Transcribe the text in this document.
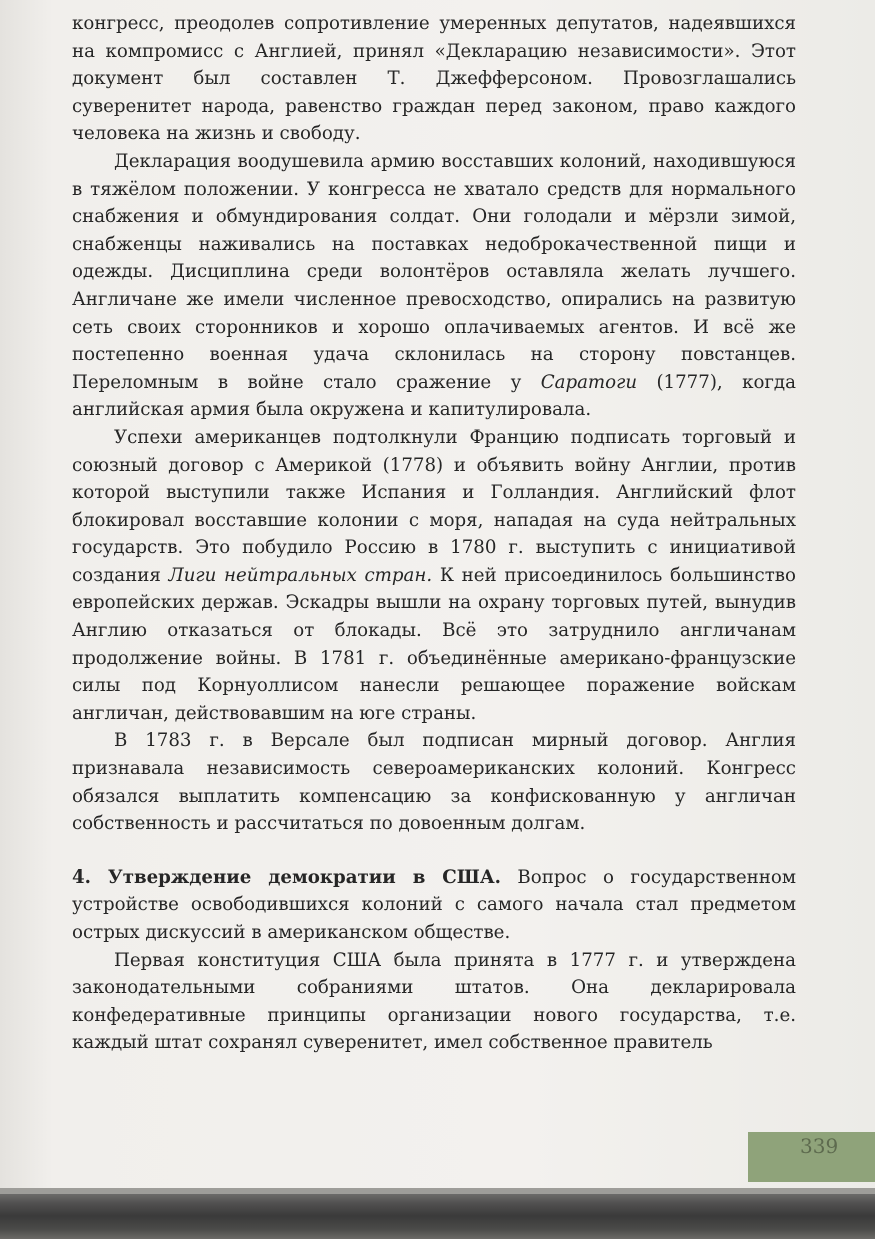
конгресс, преодолев сопротивление умеренных депутатов, надеявшихся на компромисс с Англией, принял «Декларацию независимости». Этот документ был составлен Т. Джефферсоном. Провозглашались суверенитет народа, равенство граждан перед законом, право каждого человека на жизнь и свободу.

Декларация воодушевила армию восставших колоний, находившуюся в тяжёлом положении. У конгресса не хватало средств для нормального снабжения и обмундирования солдат. Они голодали и мёрзли зимой, снабженцы наживались на поставках недоброкачественной пищи и одежды. Дисциплина среди волонтёров оставляла желать лучшего. Англичане же имели численное превосходство, опирались на развитую сеть своих сторонников и хорошо оплачиваемых агентов. И всё же постепенно военная удача склонилась на сторону повстанцев. Переломным в войне стало сражение у Саратоги (1777), когда английская армия была окружена и капитулировала.

Успехи американцев подтолкнули Францию подписать торговый и союзный договор с Америкой (1778) и объявить войну Англии, против которой выступили также Испания и Голландия. Английский флот блокировал восставшие колонии с моря, нападая на суда нейтральных государств. Это побудило Россию в 1780 г. выступить с инициативой создания Лиги нейтральных стран. К ней присоединилось большинство европейских держав. Эскадры вышли на охрану торговых путей, вынудив Англию отказаться от блокады. Всё это затруднило англичанам продолжение войны. В 1781 г. объединённые американо-французские силы под Корнуоллисом нанесли решающее поражение войскам англичан, действовавшим на юге страны.

В 1783 г. в Версале был подписан мирный договор. Англия признавала независимость североамериканских колоний. Конгресс обязался выплатить компенсацию за конфискованную у англичан собственность и рассчитаться по довоенным долгам.

4. Утверждение демократии в США. Вопрос о государственном устройстве освободившихся колоний с самого начала стал предметом острых дискуссий в американском обществе.

Первая конституция США была принята в 1777 г. и утверждена законодательными собраниями штатов. Она декларировала конфедеративные принципы организации нового государства, т.е. каждый штат сохранял суверенитет, имел собственное правитель

339
